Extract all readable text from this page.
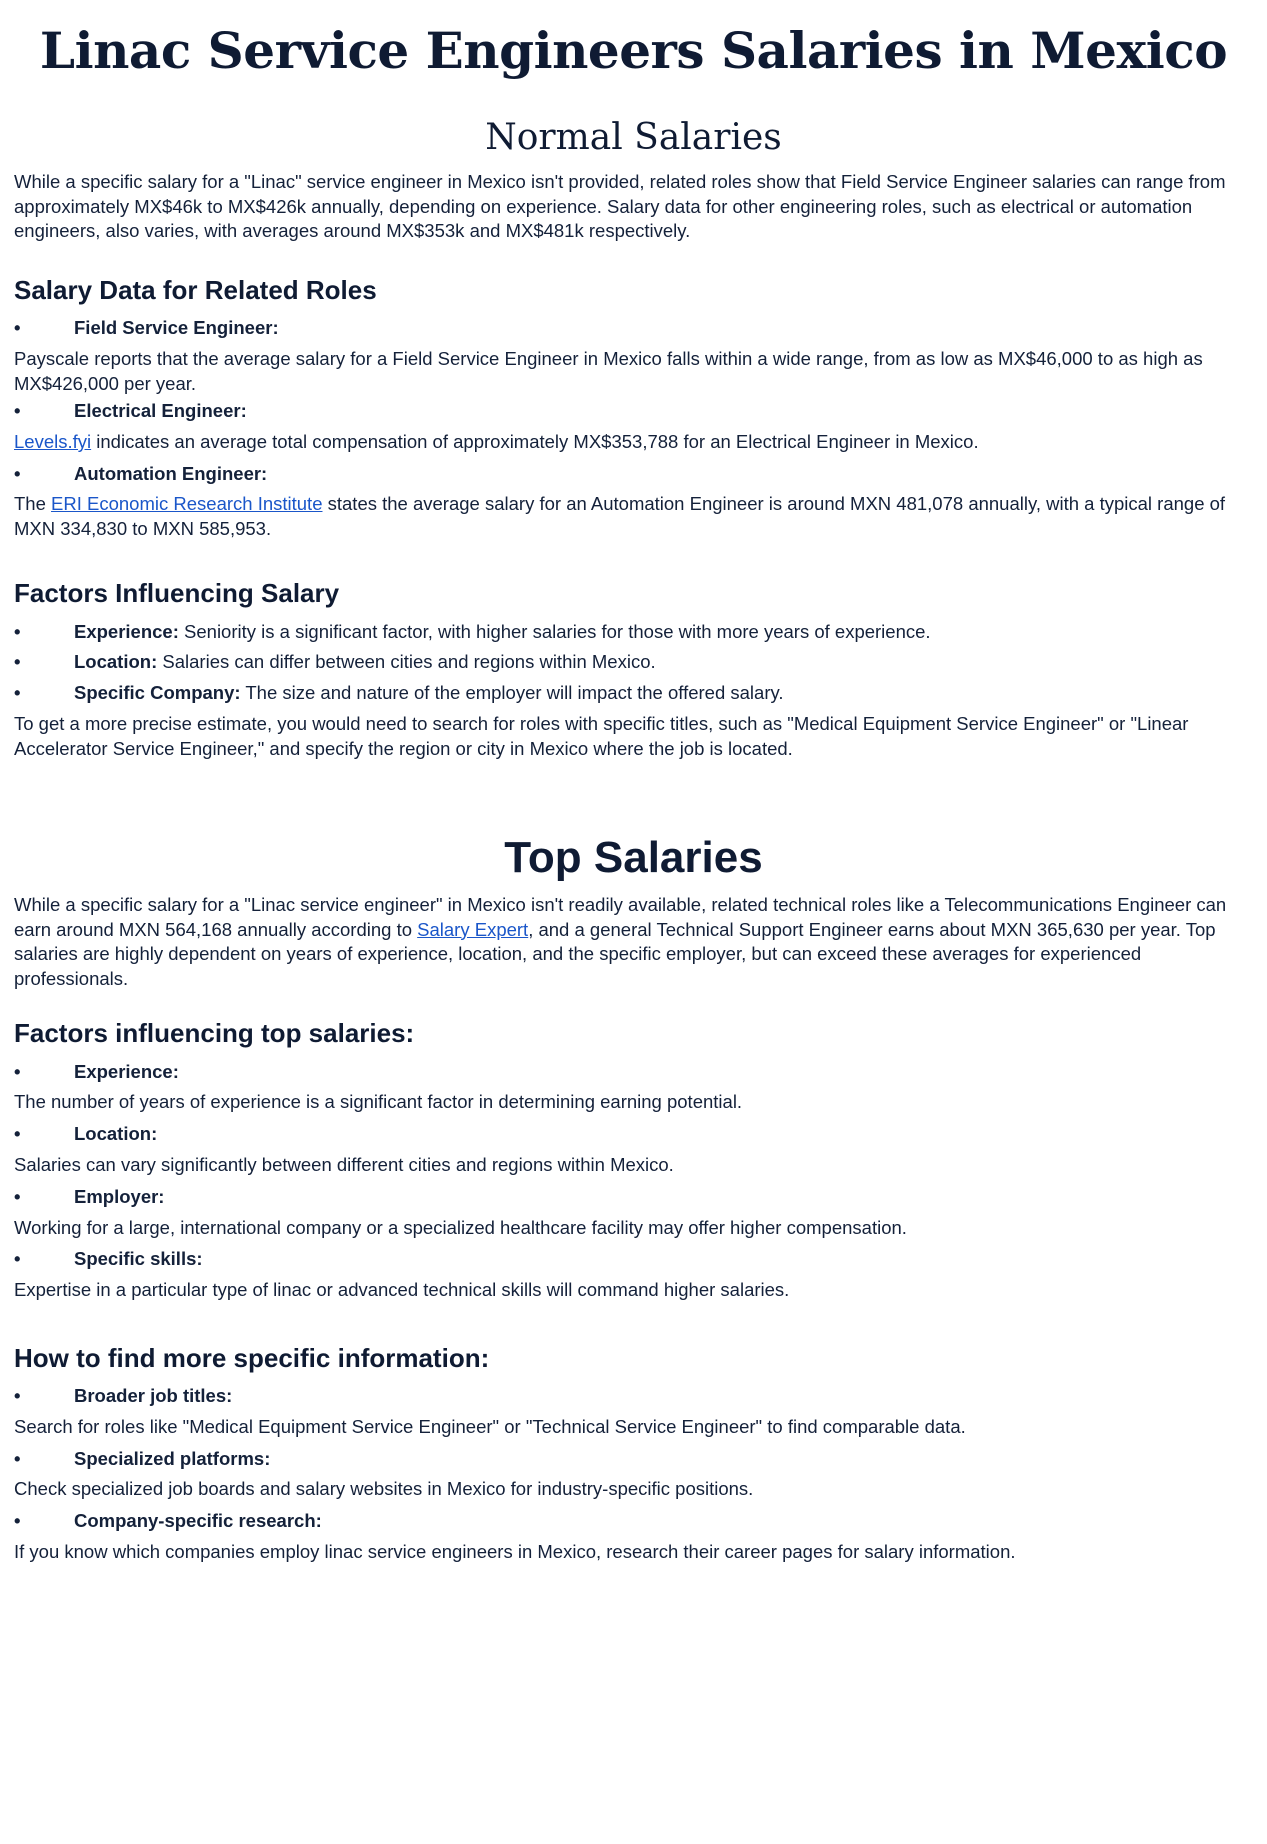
Linac Service Engineers Salaries in Mexico
Normal Salaries

While a specific salary for a "Linac" service engineer in Mexico isn't provided, related roles show that Field Service Engineer salaries can range from approximately MX$46k to MX$426k annually, depending on experience. Salary data for other engineering roles, such as electrical or automation engineers, also varies, with averages around MX$353k and MX$481k respectively.

Salary Data for Related Roles
•	Field Service Engineer:

Payscale reports that the average salary for a Field Service Engineer in Mexico falls within a wide range, from as low as MX$46,000 to as high as MX$426,000 per year.

•	Electrical Engineer:

Levels.fyi indicates an average total compensation of approximately MX$353,788 for an Electrical Engineer in Mexico.

•	Automation Engineer:

The ERI Economic Research Institute states the average salary for an Automation Engineer is around MXN 481,078 annually, with a typical range of MXN 334,830 to MXN 585,953.

Factors Influencing Salary
•	Experience: Seniority is a significant factor, with higher salaries for those with more years of experience.
•	Location: Salaries can differ between cities and regions within Mexico.
•	Specific Company: The size and nature of the employer will impact the offered salary.

To get a more precise estimate, you would need to search for roles with specific titles, such as "Medical Equipment Service Engineer" or "Linear Accelerator Service Engineer," and specify the region or city in Mexico where the job is located.

Top Salaries

While a specific salary for a "Linac service engineer" in Mexico isn't readily available, related technical roles like a Telecommunications Engineer can earn around MXN 564,168 annually according to Salary Expert, and a general Technical Support Engineer earns about MXN 365,630 per year. Top salaries are highly dependent on years of experience, location, and the specific employer, but can exceed these averages for experienced professionals.

Factors influencing top salaries:
•	Experience:

The number of years of experience is a significant factor in determining earning potential.

•	Location:

Salaries can vary significantly between different cities and regions within Mexico.

•	Employer:

Working for a large, international company or a specialized healthcare facility may offer higher compensation.

•	Specific skills:

Expertise in a particular type of linac or advanced technical skills will command higher salaries.

How to find more specific information:
•	Broader job titles:

Search for roles like "Medical Equipment Service Engineer" or "Technical Service Engineer" to find comparable data.

•	Specialized platforms:

Check specialized job boards and salary websites in Mexico for industry-specific positions.

•	Company-specific research:

If you know which companies employ linac service engineers in Mexico, research their career pages for salary information.
